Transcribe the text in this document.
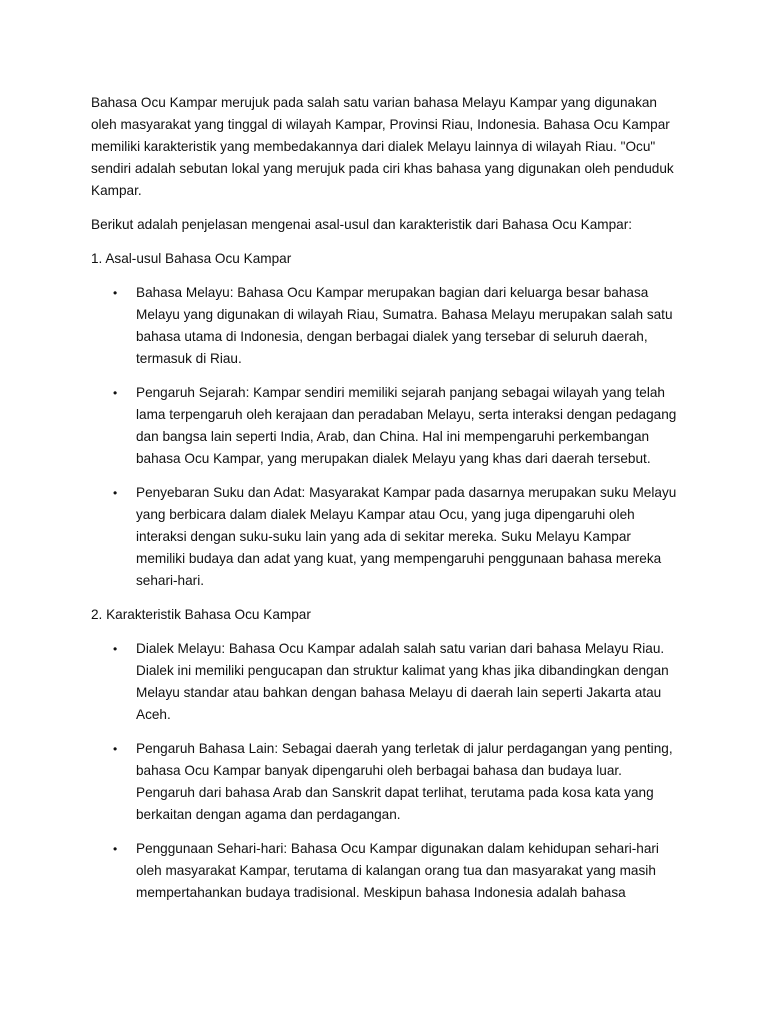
Bahasa Ocu Kampar merujuk pada salah satu varian bahasa Melayu Kampar yang digunakan oleh masyarakat yang tinggal di wilayah Kampar, Provinsi Riau, Indonesia. Bahasa Ocu Kampar memiliki karakteristik yang membedakannya dari dialek Melayu lainnya di wilayah Riau. "Ocu" sendiri adalah sebutan lokal yang merujuk pada ciri khas bahasa yang digunakan oleh penduduk Kampar.

Berikut adalah penjelasan mengenai asal-usul dan karakteristik dari Bahasa Ocu Kampar:

1. Asal-usul Bahasa Ocu Kampar

• Bahasa Melayu: Bahasa Ocu Kampar merupakan bagian dari keluarga besar bahasa Melayu yang digunakan di wilayah Riau, Sumatra. Bahasa Melayu merupakan salah satu bahasa utama di Indonesia, dengan berbagai dialek yang tersebar di seluruh daerah, termasuk di Riau.
• Pengaruh Sejarah: Kampar sendiri memiliki sejarah panjang sebagai wilayah yang telah lama terpengaruh oleh kerajaan dan peradaban Melayu, serta interaksi dengan pedagang dan bangsa lain seperti India, Arab, dan China. Hal ini mempengaruhi perkembangan bahasa Ocu Kampar, yang merupakan dialek Melayu yang khas dari daerah tersebut.
• Penyebaran Suku dan Adat: Masyarakat Kampar pada dasarnya merupakan suku Melayu yang berbicara dalam dialek Melayu Kampar atau Ocu, yang juga dipengaruhi oleh interaksi dengan suku-suku lain yang ada di sekitar mereka. Suku Melayu Kampar memiliki budaya dan adat yang kuat, yang mempengaruhi penggunaan bahasa mereka sehari-hari.

2. Karakteristik Bahasa Ocu Kampar

• Dialek Melayu: Bahasa Ocu Kampar adalah salah satu varian dari bahasa Melayu Riau. Dialek ini memiliki pengucapan dan struktur kalimat yang khas jika dibandingkan dengan Melayu standar atau bahkan dengan bahasa Melayu di daerah lain seperti Jakarta atau Aceh.
• Pengaruh Bahasa Lain: Sebagai daerah yang terletak di jalur perdagangan yang penting, bahasa Ocu Kampar banyak dipengaruhi oleh berbagai bahasa dan budaya luar. Pengaruh dari bahasa Arab dan Sanskrit dapat terlihat, terutama pada kosa kata yang berkaitan dengan agama dan perdagangan.
• Penggunaan Sehari-hari: Bahasa Ocu Kampar digunakan dalam kehidupan sehari-hari oleh masyarakat Kampar, terutama di kalangan orang tua dan masyarakat yang masih mempertahankan budaya tradisional. Meskipun bahasa Indonesia adalah bahasa
